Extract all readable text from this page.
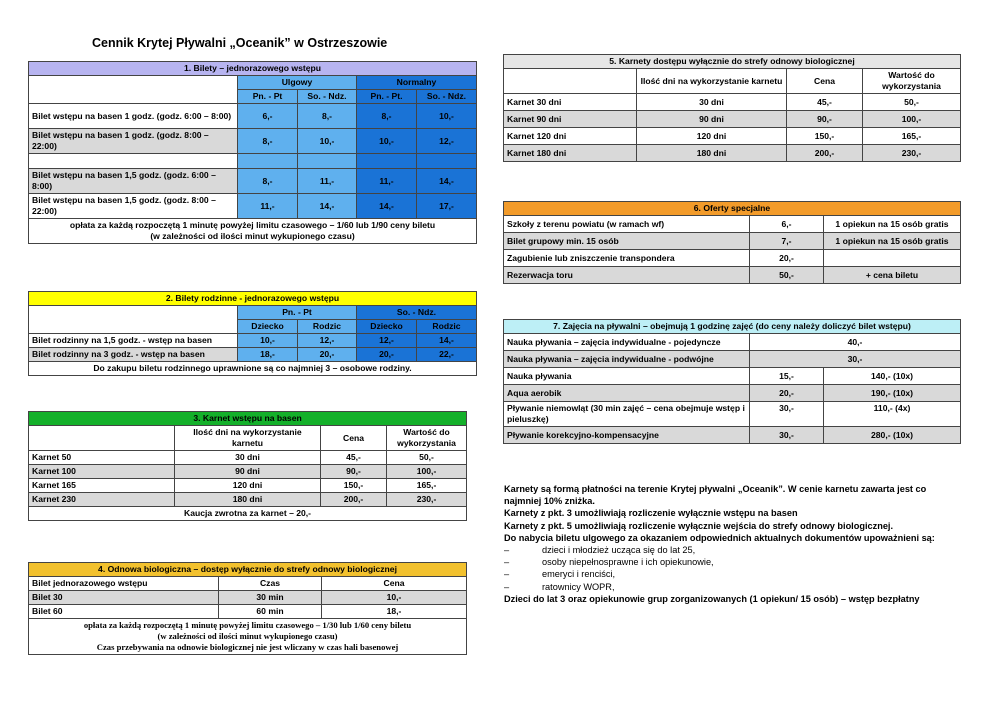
Cennik Krytej Pływalni „Oceanik” w Ostrzeszowie
1. Bilety – jednorazowego wstępu				
	Ulgowy		Normalny	
	Pn. - Pt	So. - Ndz.	Pn. - Pt.	So. - Ndz.
Bilet wstępu na basen 1 godz. (godz. 6:00 – 8:00)	6,-	8,-	8,-	10,-
Bilet wstępu na basen 1 godz. (godz. 8:00 – 22:00)	8,-	10,-	10,-	12,-

Bilet wstępu na basen 1,5 godz. (godz. 6:00 – 8:00)	8,-	11,-	11,-	14,-
Bilet wstępu na basen 1,5 godz. (godz. 8:00 – 22:00)	11,-	14,-	14,-	17,-

opłata za każdą rozpoczętą 1 minutę powyżej limitu czasowego – 1/60 lub 1/90 ceny biletu
(w zależności od ilości minut wykupionego czasu)				
2. Bilety rodzinne - jednorazowego wstępu				
	Pn. - Pt		So. - Ndz.	
	Dziecko	Rodzic	Dziecko	Rodzic
Bilet rodzinny na 1,5 godz. - wstęp na basen	10,-	12,-	12,-	14,-
Bilet rodzinny na 3 godz. - wstęp na basen	18,-	20,-	20,-	22,-
Do zakupu biletu rodzinnego uprawnione są co najmniej 3 – osobowe rodziny.				
3. Karnet wstępu na basen			
	Ilość dni na wykorzystanie karnetu	Cena	Wartość do wykorzystania
Karnet 50	30 dni	45,-	50,-
Karnet 100	90 dni	90,-	100,-
Karnet 165	120 dni	150,-	165,-
Karnet 230	180 dni	200,-	230,-
Kaucja zwrotna za karnet – 20,-			
4. Odnowa biologiczna – dostęp wyłącznie do strefy odnowy biologicznej		
Bilet jednorazowego wstępu	Czas	Cena
Bilet 30	30 min	10,-
Bilet 60	60 min	18,-

opłata za każdą rozpoczętą 1 minutę powyżej limitu czasowego – 1/30 lub 1/60 ceny biletu
(w zależności od ilości minut wykupionego czasu)
Czas przebywania na odnowie biologicznej nie jest wliczany w czas hali basenowej		
5. Karnety dostępu wyłącznie do strefy odnowy biologicznej			
	Ilość dni na wykorzystanie karnetu	Cena	Wartość do wykorzystania
Karnet 30 dni	30 dni	45,-	50,-
Karnet 90 dni	90 dni	90,-	100,-
Karnet 120 dni	120 dni	150,-	165,-
Karnet 180 dni	180 dni	200,-	230,-
6. Oferty specjalne		
Szkoły z terenu powiatu (w ramach wf)	6,-	1 opiekun na 15 osób gratis
Bilet grupowy min. 15 osób	7,-	1 opiekun na 15 osób gratis
Zagubienie lub zniszczenie transpondera	20,-	
Rezerwacja toru	50,-	+ cena biletu
7. Zajęcia na pływalni – obejmują 1 godzinę zajęć (do ceny należy doliczyć bilet wstępu)		
Nauka pływania – zajęcia indywidualne - pojedyncze	40,-	
Nauka pływania – zajęcia indywidualne - podwójne	30,-	
Nauka pływania	15,-	140,- (10x)
Aqua aerobik	20,-	190,- (10x)
Pływanie niemowląt (30 min zajęć – cena obejmuje wstęp i pieluszkę)	30,-	110,- (4x)
Pływanie korekcyjno-kompensacyjne	30,-	280,- (10x)
Karnety są formą płatności na terenie Krytej pływalni „Oceanik”. W cenie karnetu zawarta jest co najmniej 10% zniżka.
Karnety z pkt. 3 umożliwiają rozliczenie wyłącznie wstępu na basen
Karnety z pkt. 5 umożliwiają rozliczenie wyłącznie wejścia do strefy odnowy biologicznej.
Do nabycia biletu ulgowego za okazaniem odpowiednich aktualnych dokumentów upoważnieni są:
–	dzieci i młodzież ucząca się do lat 25,
–	osoby niepełnosprawne i ich opiekunowie,
–	emeryci i renciści,
–	ratownicy WOPR,
Dzieci do lat 3 oraz opiekunowie grup zorganizowanych (1 opiekun/ 15 osób) – wstęp bezpłatny
